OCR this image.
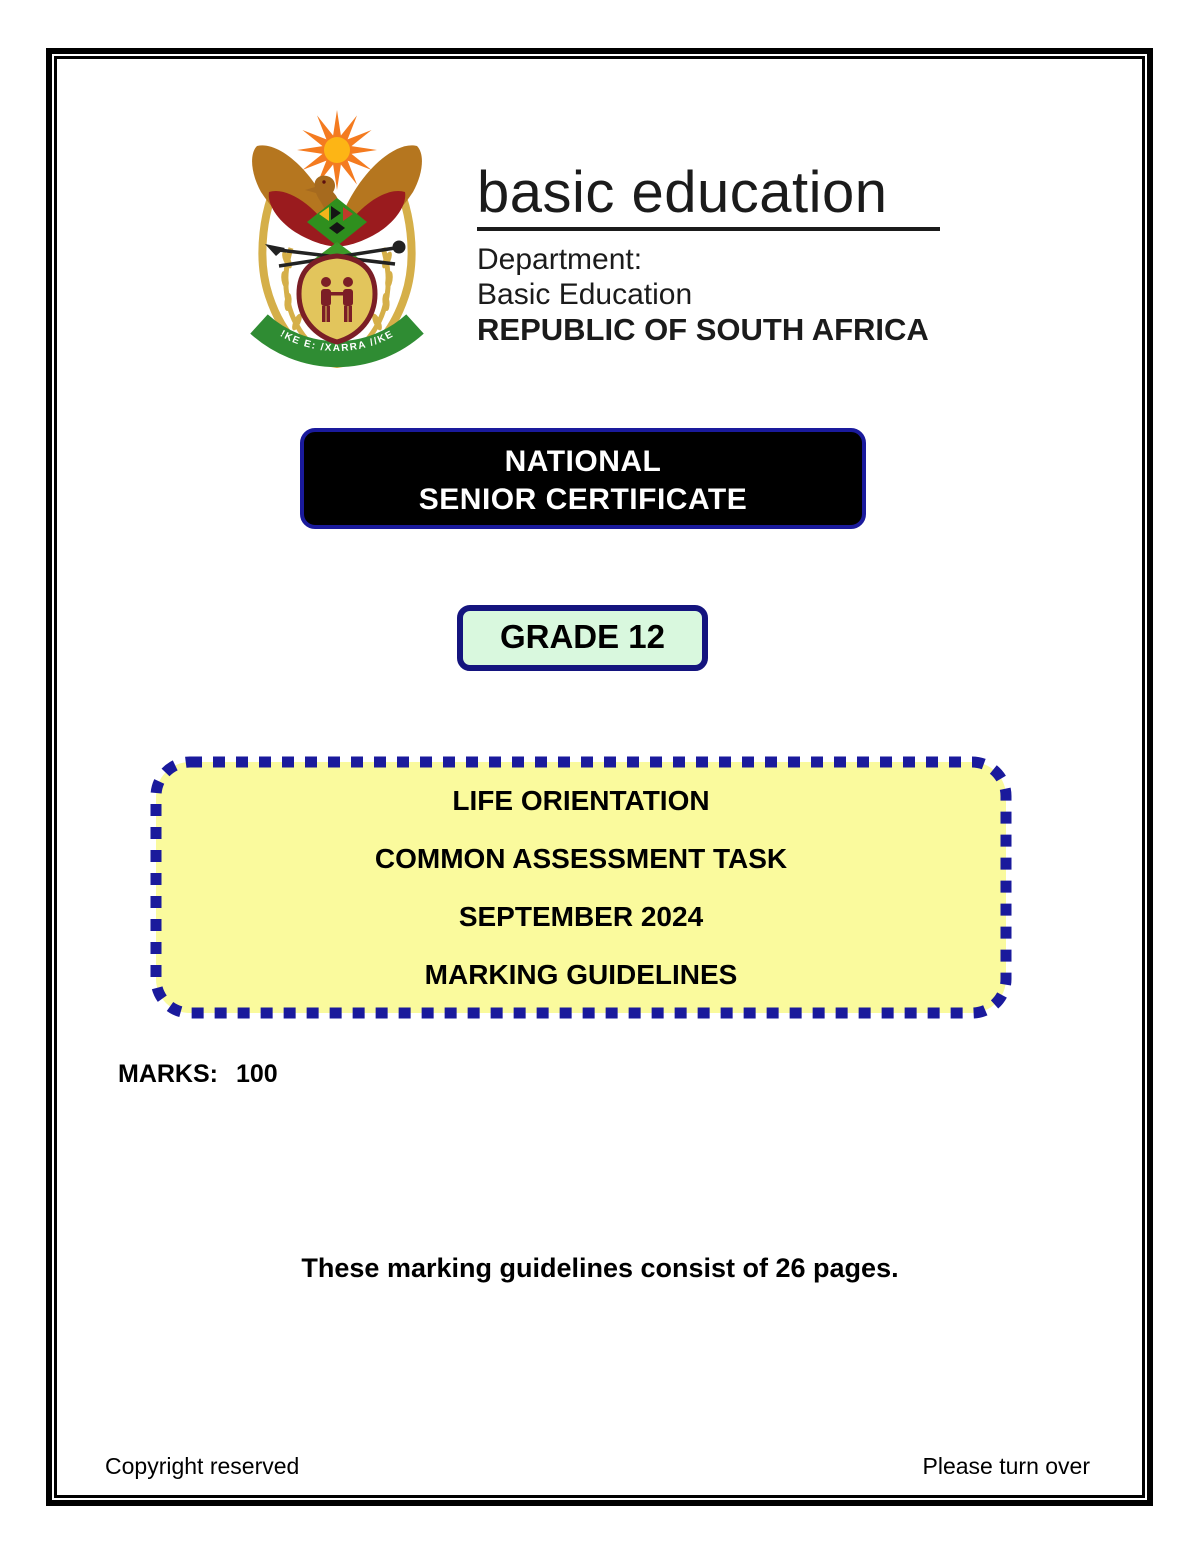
!KE E: /XARRA //KE
basic education
Department:
Basic Education
REPUBLIC OF SOUTH AFRICA
NATIONAL
SENIOR CERTIFICATE
GRADE 12
LIFE ORIENTATION
COMMON ASSESSMENT TASK
SEPTEMBER 2024
MARKING GUIDELINES
MARKS: 100
These marking guidelines consist of 26 pages.
Copyright reserved	Please turn over
